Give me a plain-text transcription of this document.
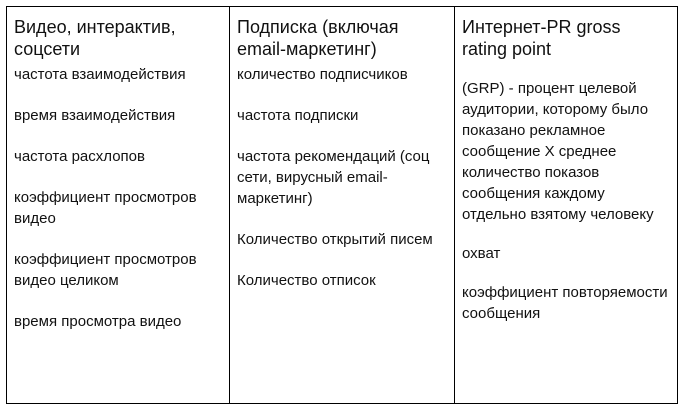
Видео, интерактив, соцсети
частота взаимодействия
время взаимодействия
частота расхлопов
коэффициент просмотров видео
коэффициент просмотров видео целиком
время просмотра видео
Подписка (включая email-маркетинг)
количество подписчиков
частота подписки
частота рекомендаций (соц сети, вирусный email-маркетинг)
Количество открытий писем
Количество отписок
Интернет-PR gross rating point
(GRP) - процент целевой аудитории, которому было показано рекламное сообщение X среднее количество показов сообщения каждому отдельно взятому человеку
охват
коэффициент повторяемости сообщения
